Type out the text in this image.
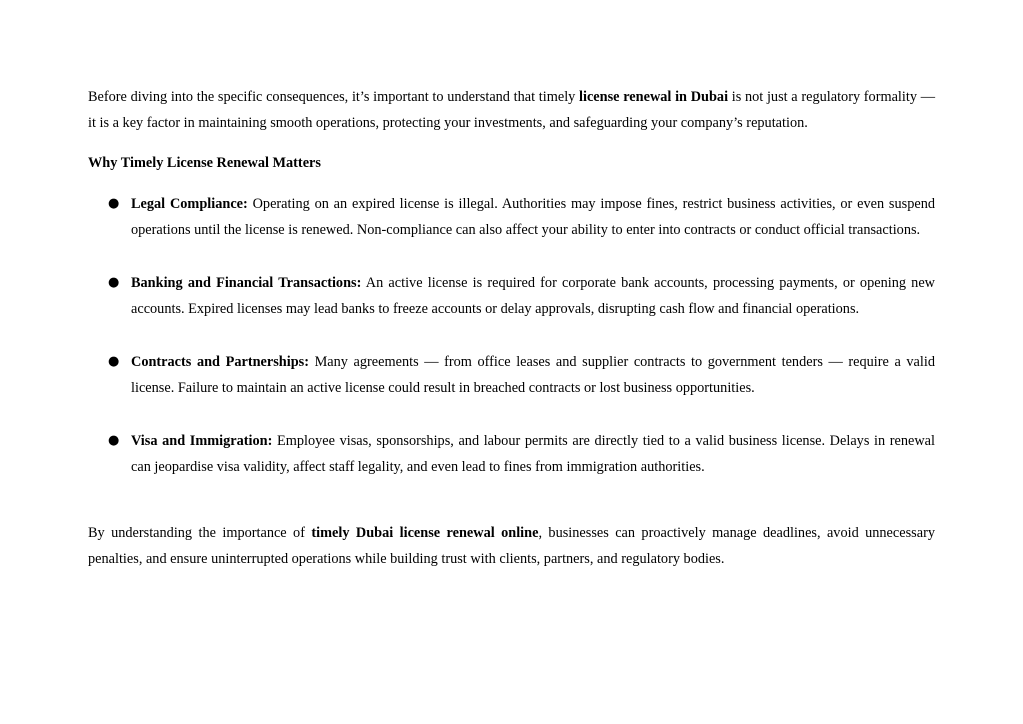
Before diving into the specific consequences, it’s important to understand that timely license renewal in Dubai is not just a regulatory formality — it is a key factor in maintaining smooth operations, protecting your investments, and safeguarding your company’s reputation.

Why Timely License Renewal Matters

● Legal Compliance: Operating on an expired license is illegal. Authorities may impose fines, restrict business activities, or even suspend operations until the license is renewed. Non-compliance can also affect your ability to enter into contracts or conduct official transactions.
● Banking and Financial Transactions: An active license is required for corporate bank accounts, processing payments, or opening new accounts. Expired licenses may lead banks to freeze accounts or delay approvals, disrupting cash flow and financial operations.
● Contracts and Partnerships: Many agreements — from office leases and supplier contracts to government tenders — require a valid license. Failure to maintain an active license could result in breached contracts or lost business opportunities.
● Visa and Immigration: Employee visas, sponsorships, and labour permits are directly tied to a valid business license. Delays in renewal can jeopardise visa validity, affect staff legality, and even lead to fines from immigration authorities.

By understanding the importance of timely Dubai license renewal online, businesses can proactively manage deadlines, avoid unnecessary penalties, and ensure uninterrupted operations while building trust with clients, partners, and regulatory bodies.
